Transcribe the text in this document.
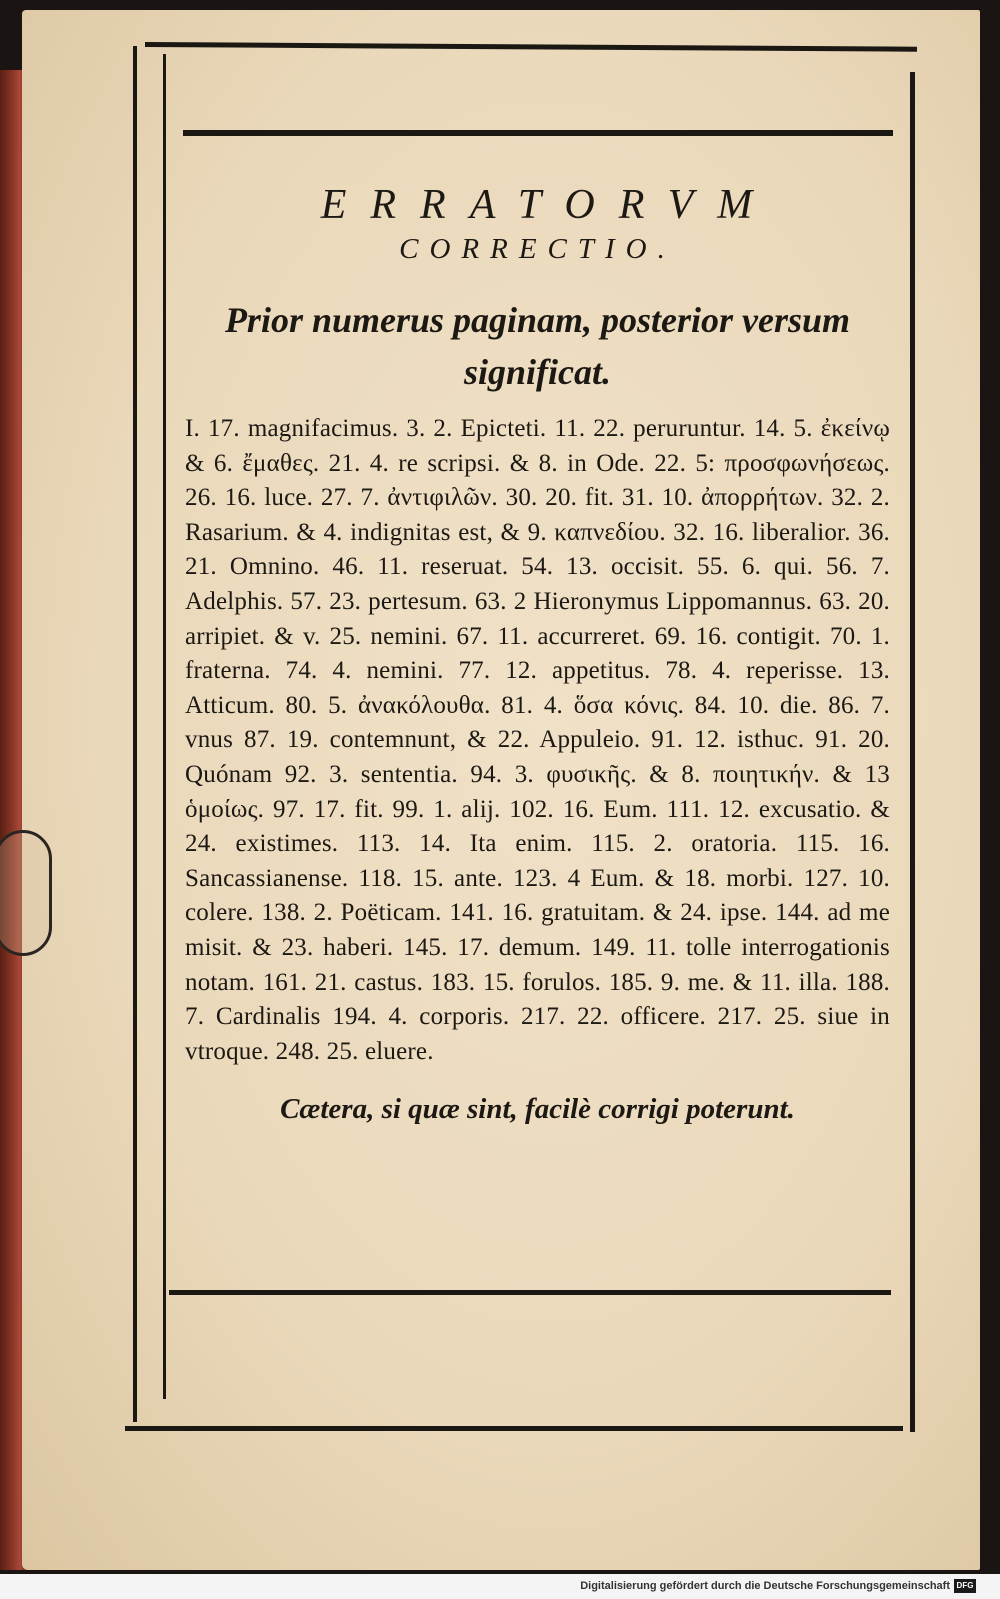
ERRATORVM

CORRECTIO.

Prior numerus paginam, posterior versum significat.

I. 17. magnifacimus. 3. 2. Epicteti. 11. 22. peruruntur. 14. 5. ἐκείνῳ & 6. ἔμαθες. 21. 4. re scripsi. & 8. in Ode. 22. 5: προσφωνήσεως. 26. 16. luce. 27. 7. ἀντιφιλῶν. 30. 20. fit. 31. 10. ἀπορρήτων. 32. 2. Rasarium. & 4. indignitas est, & 9. καπνεδίου. 32. 16. liberalior. 36. 21. Omnino. 46. 11. reseruat. 54. 13. occisit. 55. 6. qui. 56. 7. Adelphis. 57. 23. pertesum. 63. 2 Hieronymus Lippomannus. 63. 20. arripiet. & v. 25. nemini. 67. 11. accurreret. 69. 16. contigit. 70. 1. fraterna. 74. 4. nemini. 77. 12. appetitus. 78. 4. reperisse. 13. Atticum. 80. 5. ἀνακόλουθα. 81. 4. ὅσα κόνις. 84. 10. die. 86. 7. vnus 87. 19. contemnunt, & 22. Appuleio. 91. 12. isthuc. 91. 20. Quónam 92. 3. sententia. 94. 3. φυσικῆς. & 8. ποιητικήν. & 13 ὁμοίως. 97. 17. fit. 99. 1. alij. 102. 16. Eum. 111. 12. excusatio. & 24. existimes. 113. 14. Ita enim. 115. 2. oratoria. 115. 16. Sancassianense. 118. 15. ante. 123. 4 Eum. & 18. morbi. 127. 10. colere. 138. 2. Poëticam. 141. 16. gratuitam. & 24. ipse. 144. ad me misit. & 23. haberi. 145. 17. demum. 149. 11. tolle interrogationis notam. 161. 21. castus. 183. 15. forulos. 185. 9. me. & 11. illa. 188. 7. Cardinalis 194. 4. corporis. 217. 22. officere. 217. 25. siue in vtroque. 248. 25. eluere.

Cætera, si quæ sint, facilè corrigi poterunt.

Digitalisierung gefördert durch die Deutsche Forschungsgemeinschaft DFG
